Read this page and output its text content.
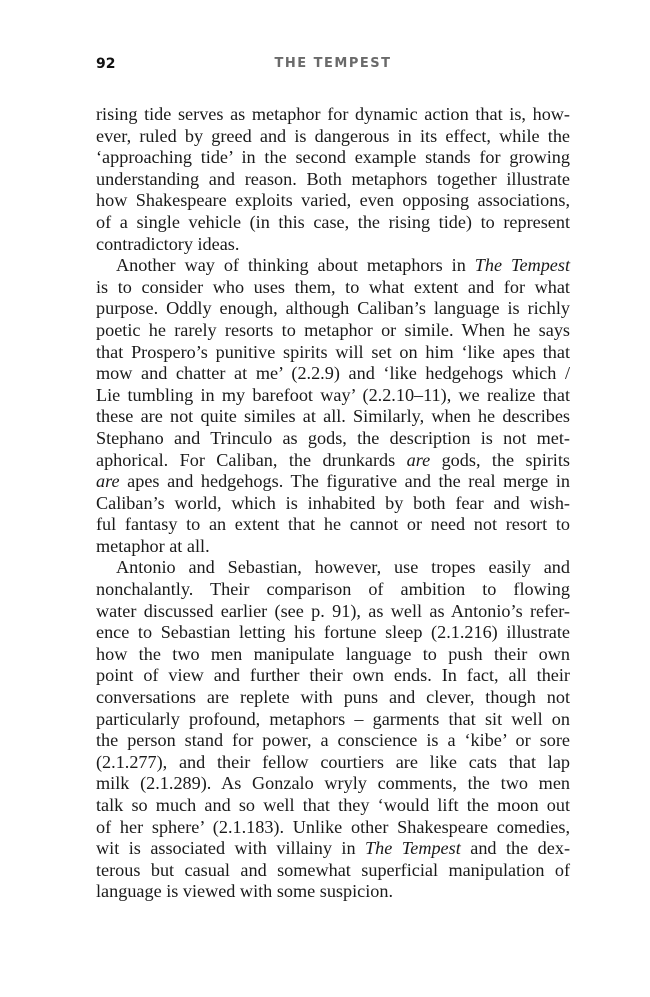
92	THE TEMPEST
rising tide serves as metaphor for dynamic action that is, how-
ever, ruled by greed and is dangerous in its effect, while the
‘approaching tide’ in the second example stands for growing
understanding and reason. Both metaphors together illustrate
how Shakespeare exploits varied, even opposing associations,
of a single vehicle (in this case, the rising tide) to represent
contradictory ideas.
Another way of thinking about metaphors in The Tempest
is to consider who uses them, to what extent and for what
purpose. Oddly enough, although Caliban’s language is richly
poetic he rarely resorts to metaphor or simile. When he says
that Prospero’s punitive spirits will set on him ‘like apes that
mow and chatter at me’ (2.2.9) and ‘like hedgehogs which /
Lie tumbling in my barefoot way’ (2.2.10–11), we realize that
these are not quite similes at all. Similarly, when he describes
Stephano and Trinculo as gods, the description is not met-
aphorical. For Caliban, the drunkards are gods, the spirits
are apes and hedgehogs. The figurative and the real merge in
Caliban’s world, which is inhabited by both fear and wish-
ful fantasy to an extent that he cannot or need not resort to
metaphor at all.
Antonio and Sebastian, however, use tropes easily and
nonchalantly. Their comparison of ambition to flowing
water discussed earlier (see p. 91), as well as Antonio’s refer-
ence to Sebastian letting his fortune sleep (2.1.216) illustrate
how the two men manipulate language to push their own
point of view and further their own ends. In fact, all their
conversations are replete with puns and clever, though not
particularly profound, metaphors – garments that sit well on
the person stand for power, a conscience is a ‘kibe’ or sore
(2.1.277), and their fellow courtiers are like cats that lap
milk (2.1.289). As Gonzalo wryly comments, the two men
talk so much and so well that they ‘would lift the moon out
of her sphere’ (2.1.183). Unlike other Shakespeare comedies,
wit is associated with villainy in The Tempest and the dex-
terous but casual and somewhat superficial manipulation of
language is viewed with some suspicion.
